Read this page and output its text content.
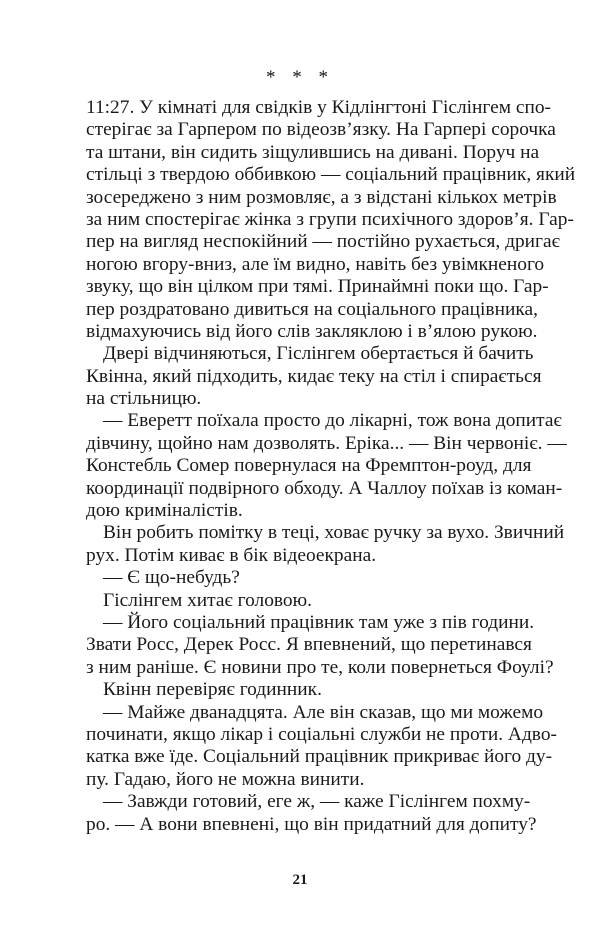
* * *
11:27. У кімнаті для свідків у Кідлінгтоні Гіслінгем спо-
стерігає за Гарпером по відеозв’язку. На Гарпері сорочка
та штани, він сидить зіщулившись на дивані. Поруч на
стільці з твердою оббивкою — соціальний працівник, який
зосереджено з ним розмовляє, а з відстані кількох метрів
за ним спостерігає жінка з групи психічного здоров’я. Гар-
пер на вигляд неспокійний — постійно рухається, дригає
ногою вгору-вниз, але їм видно, навіть без увімкненого
звуку, що він цілком при тямі. Принаймні поки що. Гар-
пер роздратовано дивиться на соціального працівника,
відмахуючись від його слів закляклою і в’ялою рукою.
Двері відчиняються, Гіслінгем обертається й бачить
Квінна, який підходить, кидає теку на стіл і спирається
на стільницю.
— Еверетт поїхала просто до лікарні, тож вона допитає
дівчину, щойно нам дозволять. Еріка... — Він червоніє. —
Констебль Сомер повернулася на Фремптон-роуд, для
координації подвірного обходу. А Чаллоу поїхав із коман-
дою криміналістів.
Він робить помітку в теці, ховає ручку за вухо. Звичний
рух. Потім киває в бік відеоекрана.
— Є що-небудь?
Гіслінгем хитає головою.
— Його соціальний працівник там уже з пів години.
Звати Росс, Дерек Росс. Я впевнений, що перетинався
з ним раніше. Є новини про те, коли повернеться Фоулі?
Квінн перевіряє годинник.
— Майже дванадцята. Але він сказав, що ми можемо
починати, якщо лікар і соціальні служби не проти. Адво-
катка вже їде. Соціальний працівник прикриває його ду-
пу. Гадаю, його не можна винити.
— Завжди готовий, еге ж, — каже Гіслінгем похму-
ро. — А вони впевнені, що він придатний для допиту?
21
